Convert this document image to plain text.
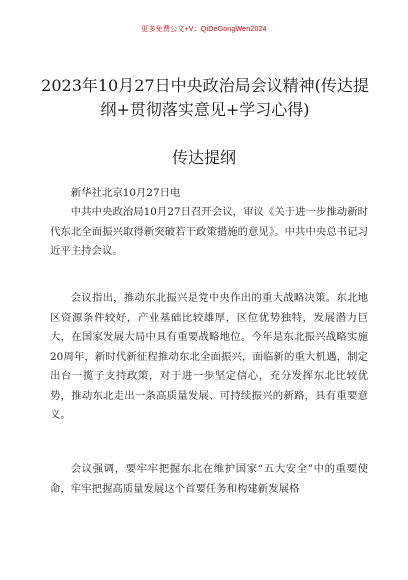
更多免费公文+V：QiDeGongWen2024
2023年10月27日中央政治局会议精神(传达提纲+贯彻落实意见+学习心得)
传达提纲

新华社北京10月27日电

中共中央政治局10月27日召开会议，审议《关于进一步推动新时代东北全面振兴取得新突破若干政策措施的意见》。中共中央总书记习近平主持会议。

会议指出，推动东北振兴是党中央作出的重大战略决策。东北地区资源条件较好，产业基础比较雄厚，区位优势独特，发展潜力巨大，在国家发展大局中具有重要战略地位。今年是东北振兴战略实施20周年，新时代新征程推动东北全面振兴，面临新的重大机遇，制定出台一揽子支持政策，对于进一步坚定信心，充分发挥东北比较优势，推动东北走出一条高质量发展、可持续振兴的新路，具有重要意义。

会议强调，要牢牢把握东北在维护国家“五大安全”中的重要使命，牢牢把握高质量发展这个首要任务和构建新发展格
